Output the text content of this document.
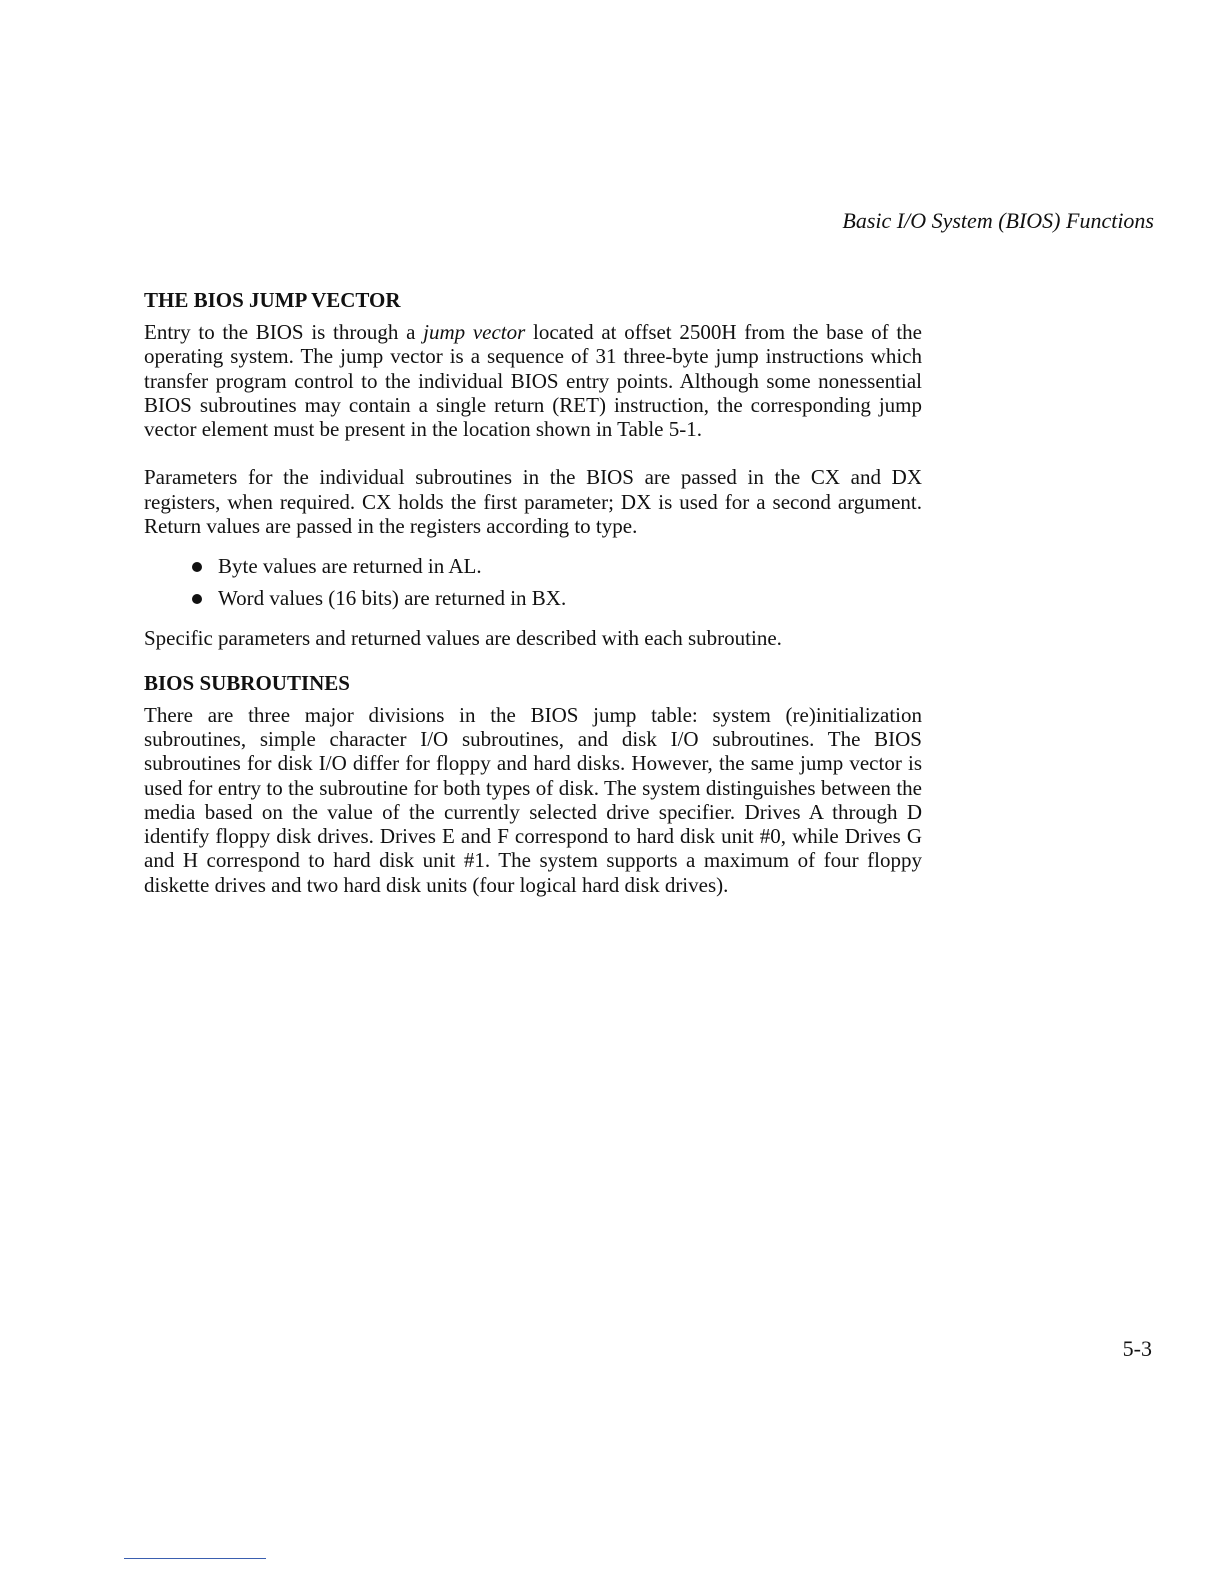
Basic I/O System (BIOS) Functions
THE BIOS JUMP VECTOR

Entry to the BIOS is through a jump vector located at offset 2500H from the base of the operating system. The jump vector is a sequence of 31 three-byte jump instructions which transfer program control to the individual BIOS entry points. Although some nonessential BIOS subroutines may contain a single return (RET) instruction, the corresponding jump vector element must be present in the location shown in Table 5-1.

Parameters for the individual subroutines in the BIOS are passed in the CX and DX registers, when required. CX holds the first parameter; DX is used for a second argument. Return values are passed in the registers according to type.

Byte values are returned in AL.
Word values (16 bits) are returned in BX.

Specific parameters and returned values are described with each subroutine.

BIOS SUBROUTINES

There are three major divisions in the BIOS jump table: system (re)initialization subroutines, simple character I/O subroutines, and disk I/O subroutines. The BIOS subroutines for disk I/O differ for floppy and hard disks. However, the same jump vector is used for entry to the subroutine for both types of disk. The system distinguishes between the media based on the value of the currently selected drive specifier. Drives A through D identify floppy disk drives. Drives E and F correspond to hard disk unit #0, while Drives G and H correspond to hard disk unit #1. The system supports a maximum of four floppy diskette drives and two hard disk units (four logical hard disk drives).

5-3
